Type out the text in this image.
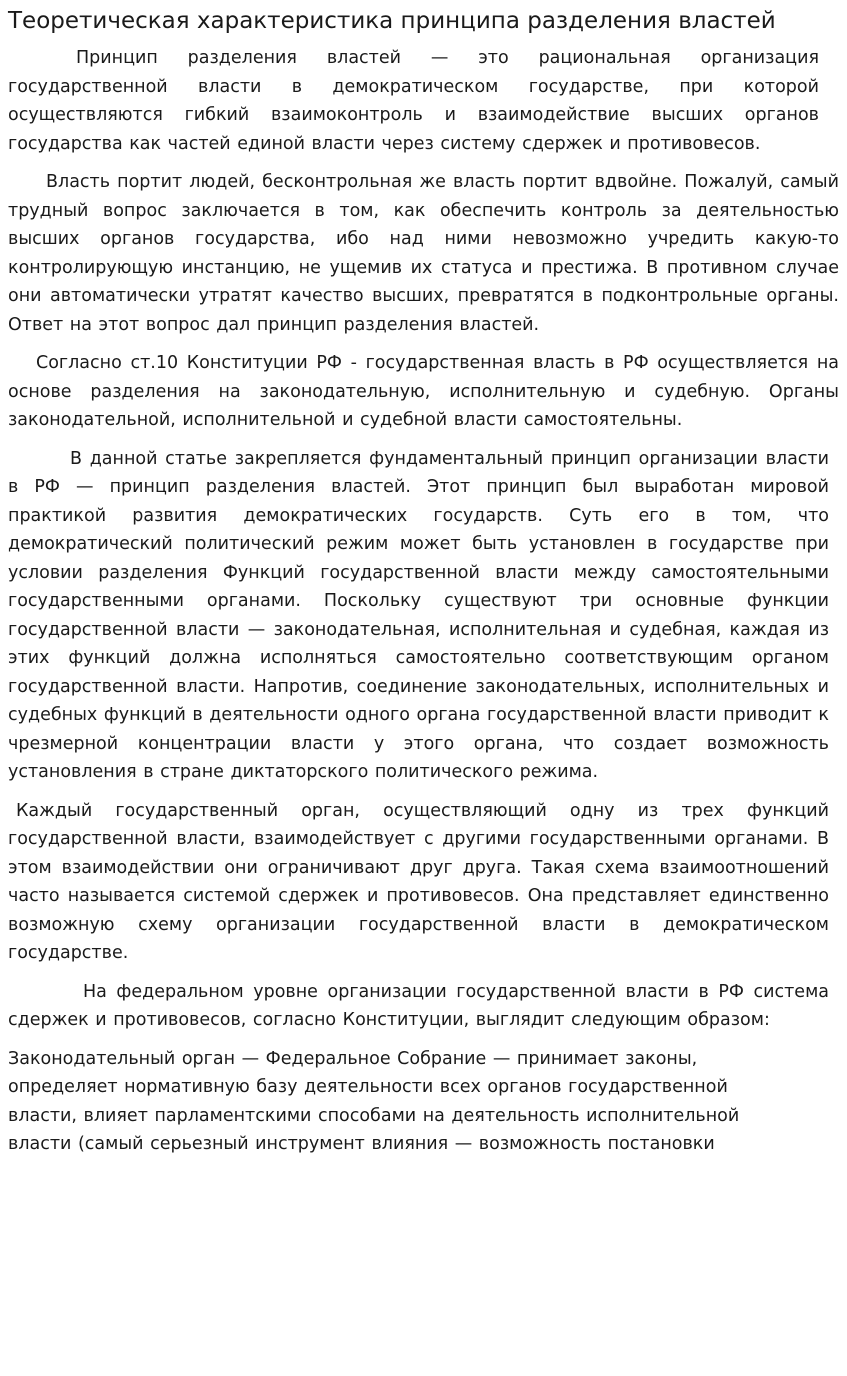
Теоретическая характеристика принципа разделения властей

Принцип разделения властей — это рациональная организация государственной власти в демократическом государстве, при которой осуществляются гибкий взаимоконтроль и взаимодействие высших органов государства как частей единой власти через систему сдержек и противовесов.

Власть портит людей, бесконтрольная же власть портит вдвойне. Пожалуй, самый трудный вопрос заключается в том, как обеспечить контроль за деятельностью высших органов государства, ибо над ними невозможно учредить какую-то контролирующую инстанцию, не ущемив их статуса и престижа. В противном случае они автоматически утратят качество высших, превратятся в подконтрольные органы. Ответ на этот вопрос дал принцип разделения властей.

Согласно ст.10 Конституции РФ - государственная власть в РФ осуществляется на основе разделения на законодательную, исполнительную и судебную. Органы законодательной, исполнительной и судебной власти самостоятельны.

В данной статье закрепляется фундаментальный принцип организации власти в РФ — принцип разделения властей. Этот принцип был выработан мировой практикой развития демократических государств. Суть его в том, что демократический политический режим может быть установлен в государстве при условии разделения Функций государственной власти между самостоятельными государственными органами. Поскольку существуют три основные функции государственной власти — законодательная, исполнительная и судебная, каждая из этих функций должна исполняться самостоятельно соответствующим органом государственной власти. Напротив, соединение законодательных, исполнительных и судебных функций в деятельности одного органа государственной власти приводит к чрезмерной концентрации власти у этого органа, что создает возможность установления в стране диктаторского политического режима.

Каждый государственный орган, осуществляющий одну из трех функций государственной власти, взаимодействует с другими государственными органами. В этом взаимодействии они ограничивают друг друга. Такая схема взаимоотношений часто называется системой сдержек и противовесов. Она представляет единственно возможную схему организации государственной власти в демократическом государстве.

На федеральном уровне организации государственной власти в РФ система сдержек и противовесов, согласно Конституции, выглядит следующим образом:

Законодательный орган — Федеральное Собрание — принимает законы, определяет нормативную базу деятельности всех органов государственной власти, влияет парламентскими способами на деятельность исполнительной власти (самый серьезный инструмент влияния — возможность постановки
